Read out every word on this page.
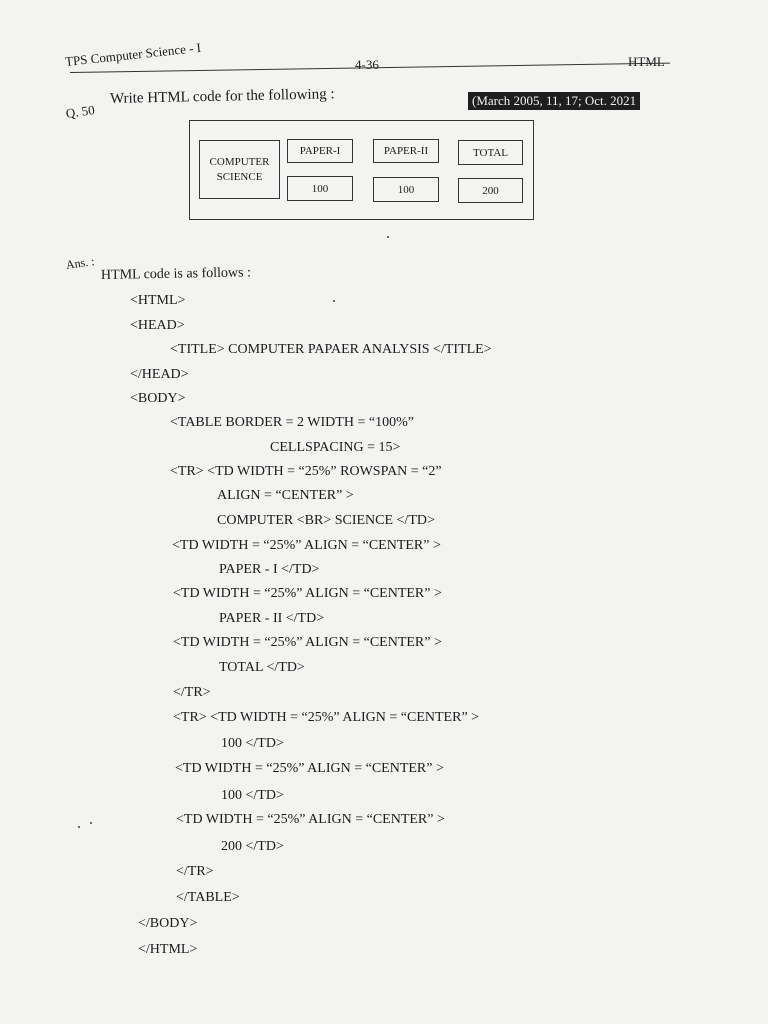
TPS Computer Science - I	4-36	HTML
Q. 50
Write HTML code for the following :	(March 2005, 11, 17; Oct. 2021
COMPUTER
SCIENCE
PAPER-I	PAPER-II	TOTAL
100	100	200
Ans. :
HTML code is as follows :
<HTML>
<HEAD>
<TITLE> COMPUTER PAPAER ANALYSIS </TITLE>
</HEAD>
<BODY>
<TABLE BORDER = 2 WIDTH = “100%”
CELLSPACING = 15>
<TR> <TD WIDTH = “25%” ROWSPAN = “2”
ALIGN = “CENTER” >
COMPUTER <BR> SCIENCE </TD>
<TD WIDTH = “25%” ALIGN = “CENTER” >
PAPER - I </TD>
<TD WIDTH = “25%” ALIGN = “CENTER” >
PAPER - II </TD>
<TD WIDTH = “25%” ALIGN = “CENTER” >
TOTAL </TD>
</TR>
<TR> <TD WIDTH = “25%” ALIGN = “CENTER” >
100 </TD>
<TD WIDTH = “25%” ALIGN = “CENTER” >
100 </TD>
<TD WIDTH = “25%” ALIGN = “CENTER” >
200 </TD>
</TR>
</TABLE>
</BODY>
</HTML>
